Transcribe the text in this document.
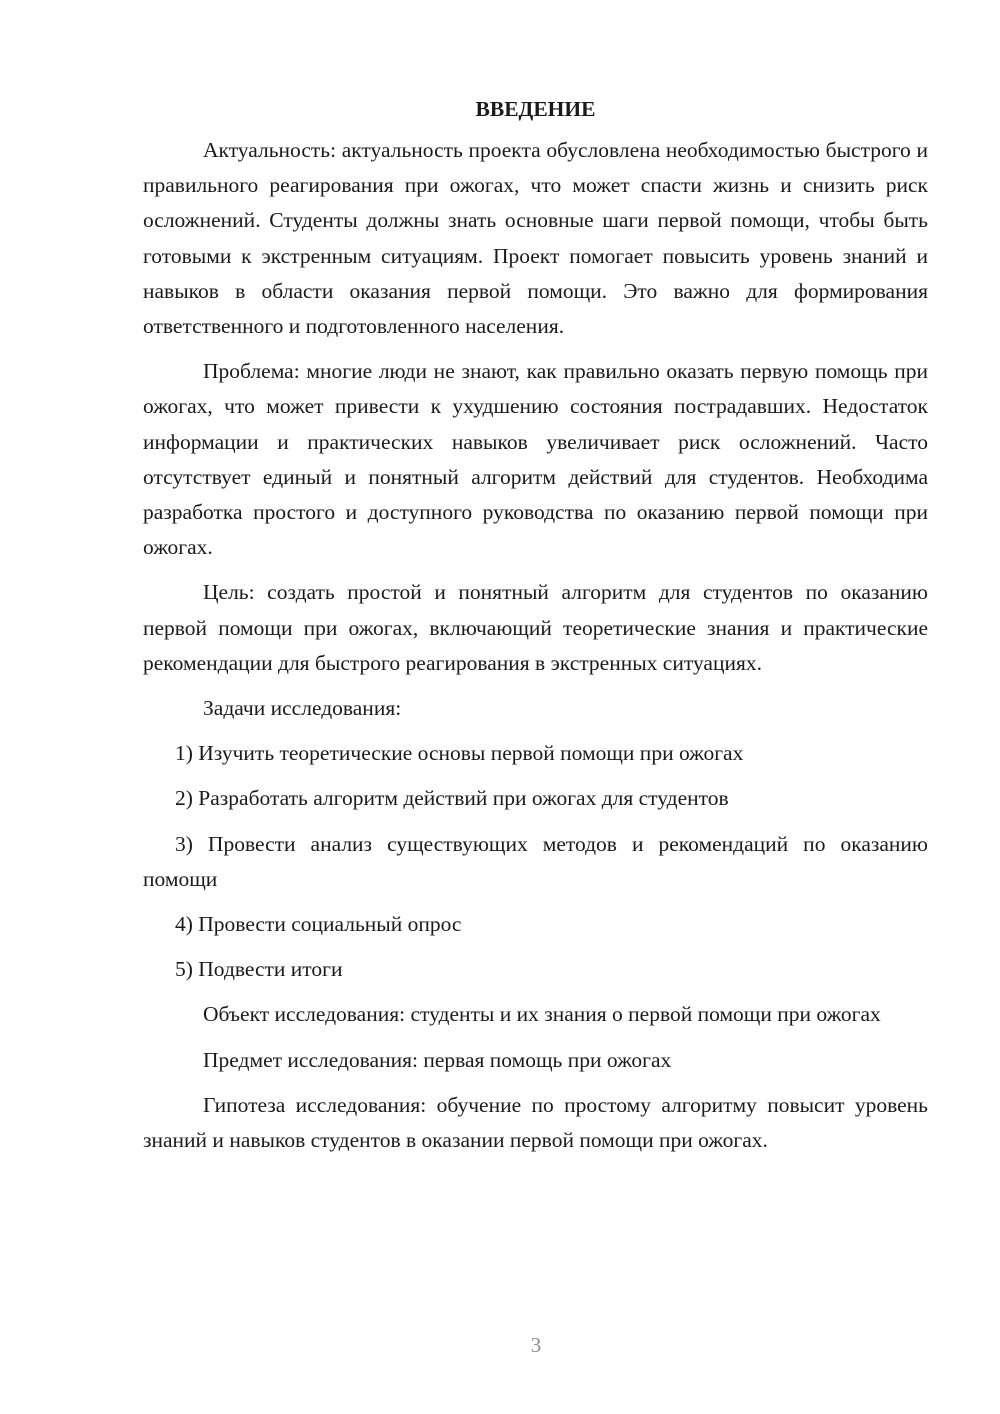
ВВЕДЕНИЕ

Актуальность: актуальность проекта обусловлена необходимостью быстрого и правильного реагирования при ожогах, что может спасти жизнь и снизить риск осложнений. Студенты должны знать основные шаги первой помощи, чтобы быть готовыми к экстренным ситуациям. Проект помогает повысить уровень знаний и навыков в области оказания первой помощи. Это важно для формирования ответственного и подготовленного населения.

Проблема: многие люди не знают, как правильно оказать первую помощь при ожогах, что может привести к ухудшению состояния пострадавших. Недостаток информации и практических навыков увеличивает риск осложнений. Часто отсутствует единый и понятный алгоритм действий для студентов. Необходима разработка простого и доступного руководства по оказанию первой помощи при ожогах.

Цель: создать простой и понятный алгоритм для студентов по оказанию первой помощи при ожогах, включающий теоретические знания и практические рекомендации для быстрого реагирования в экстренных ситуациях.

Задачи исследования:

1) Изучить теоретические основы первой помощи при ожогах

2) Разработать алгоритм действий при ожогах для студентов

3) Провести анализ существующих методов и рекомендаций по оказанию помощи

4) Провести социальный опрос

5) Подвести итоги

Объект исследования: студенты и их знания о первой помощи при ожогах

Предмет исследования: первая помощь при ожогах

Гипотеза исследования: обучение по простому алгоритму повысит уровень знаний и навыков студентов в оказании первой помощи при ожогах.

3
